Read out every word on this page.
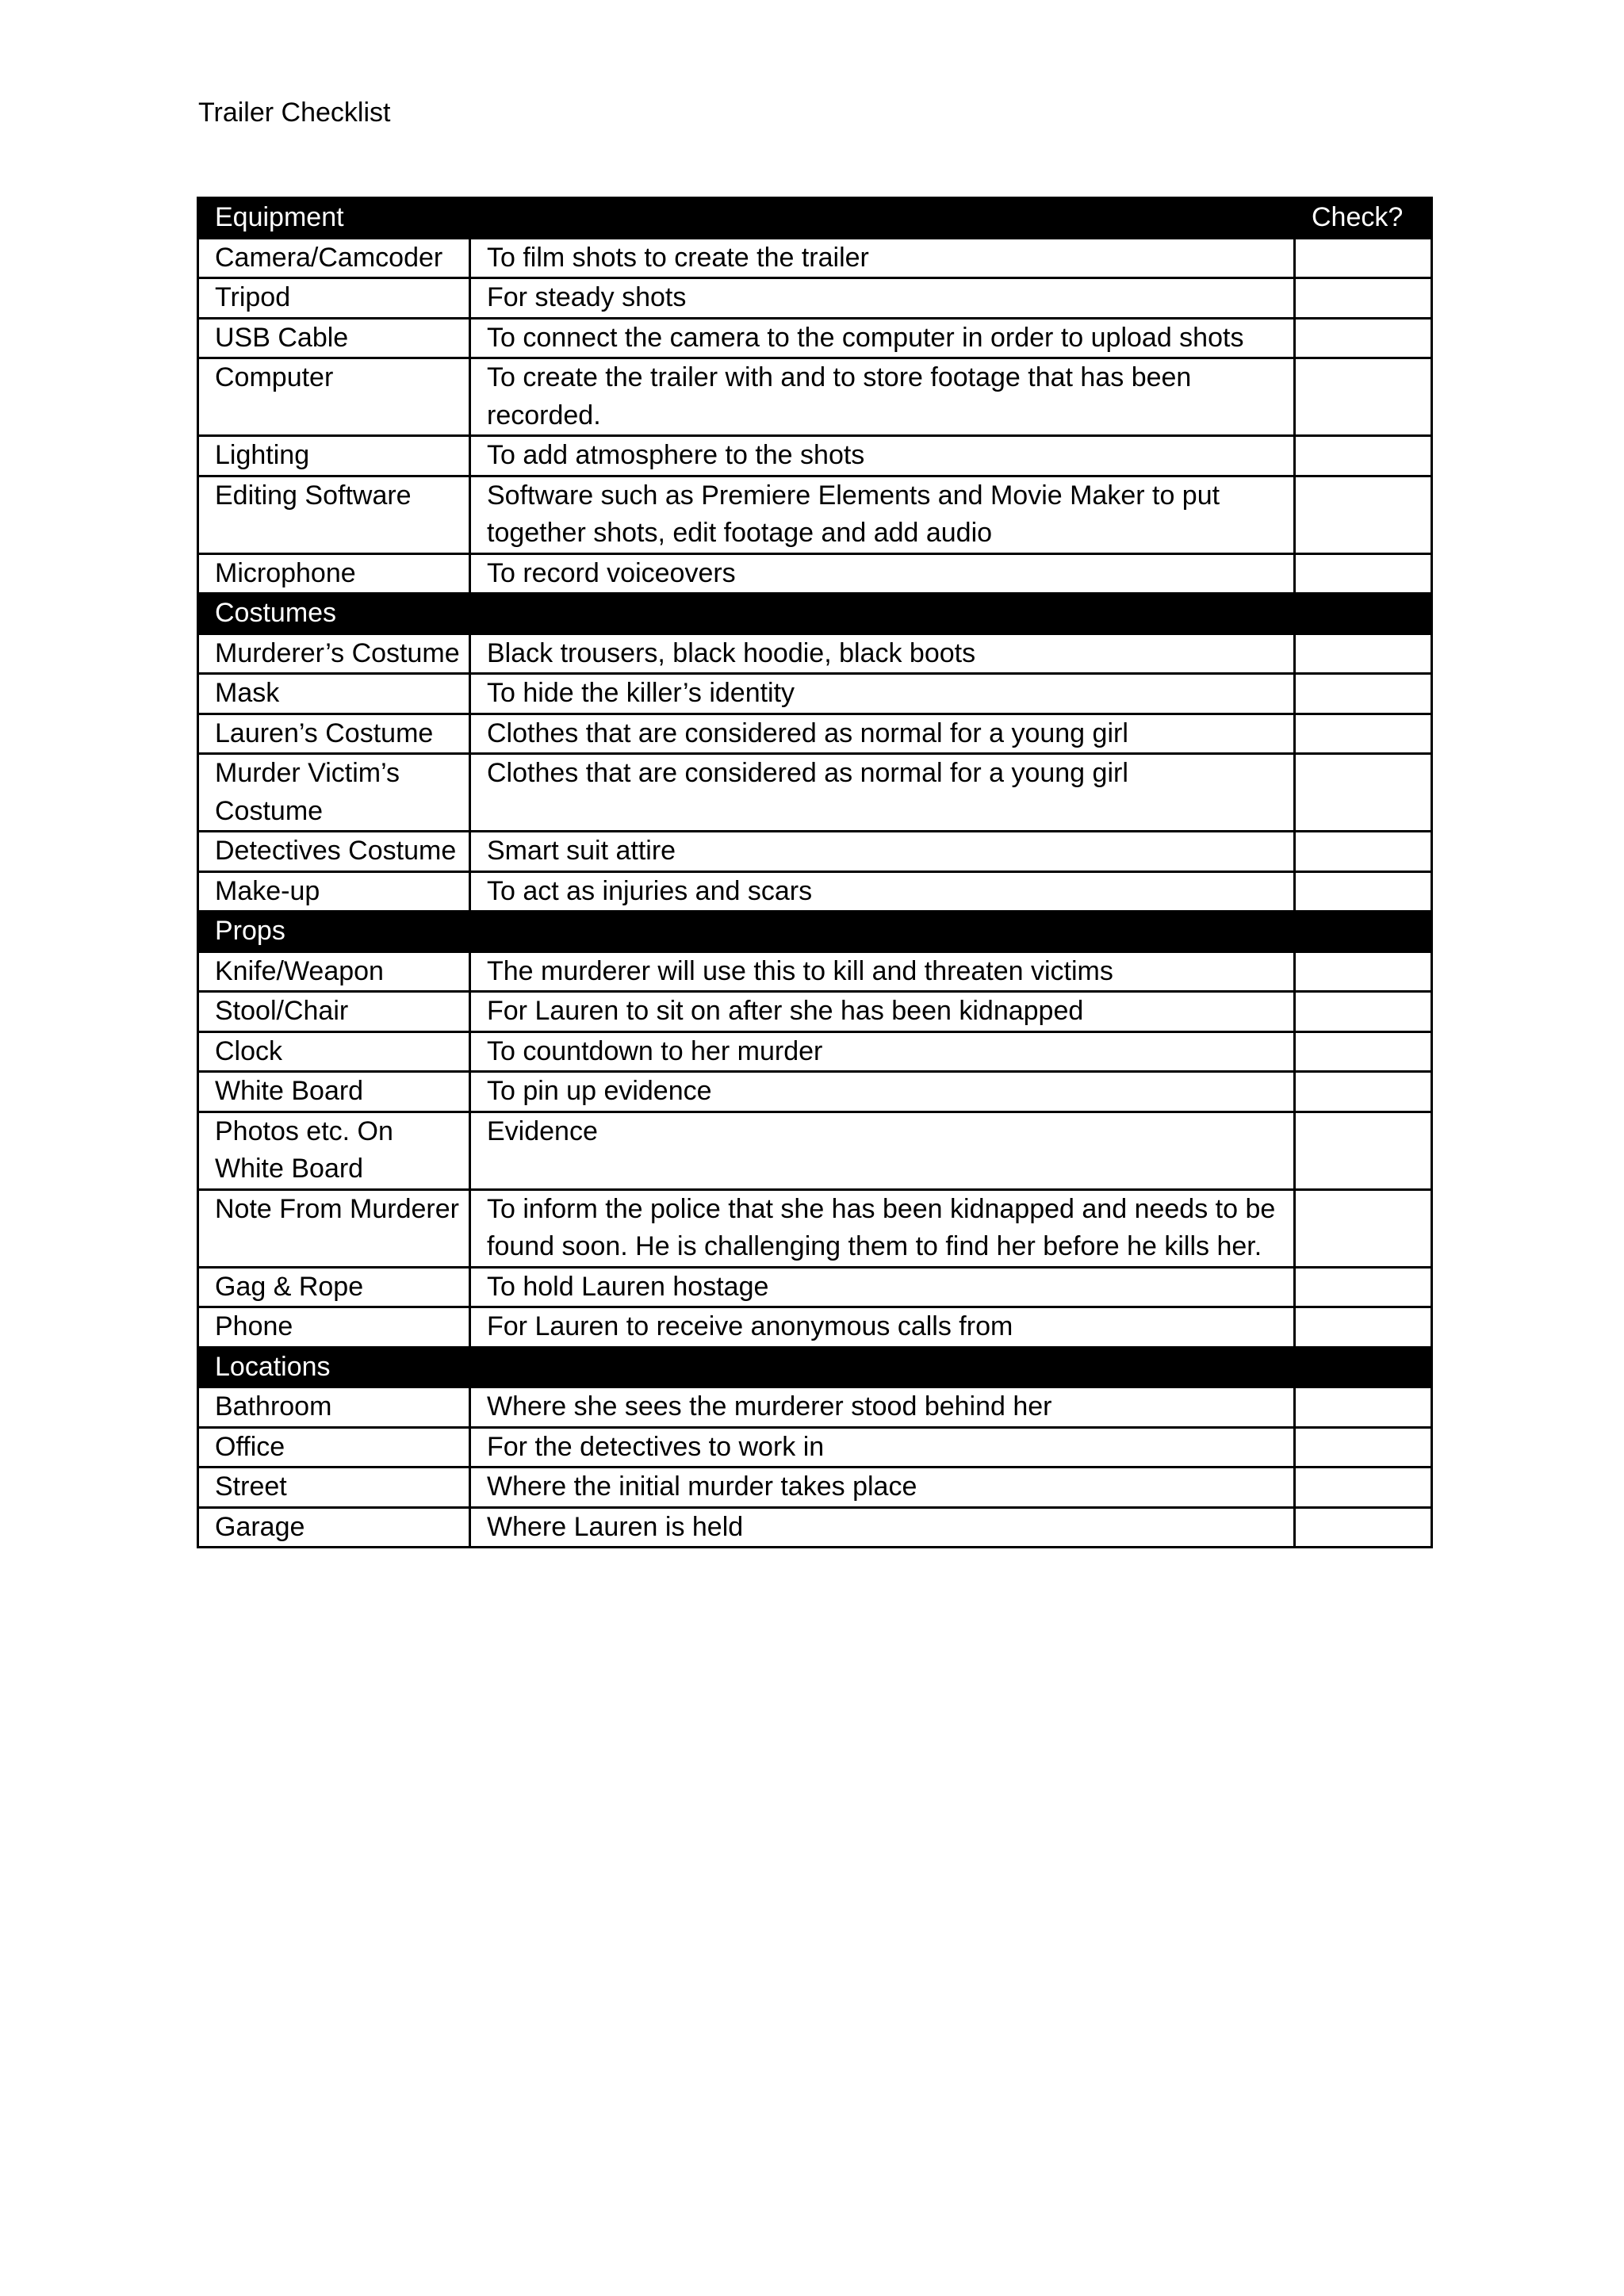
Trailer Checklist
Equipment		Check?
Camera/Camcoder	To film shots to create the trailer	
Tripod	For steady shots	
USB Cable	To connect the camera to the computer in order to upload shots	
Computer	To create the trailer with and to store footage that has been recorded.	
Lighting	To add atmosphere to the shots	
Editing Software	Software such as Premiere Elements and Movie Maker to put together shots, edit footage and add audio	
Microphone	To record voiceovers	
Costumes		
Murderer’s Costume	Black trousers, black hoodie, black boots	
Mask	To hide the killer’s identity	
Lauren’s Costume	Clothes that are considered as normal for a young girl	
Murder Victim’s Costume	Clothes that are considered as normal for a young girl	
Detectives Costume	Smart suit attire	
Make-up	To act as injuries and scars	
Props		
Knife/Weapon	The murderer will use this to kill and threaten victims	
Stool/Chair	For Lauren to sit on after she has been kidnapped	
Clock	To countdown to her murder	
White Board	To pin up evidence	
Photos etc. On White Board	Evidence	
Note From Murderer	To inform the police that she has been kidnapped and needs to be found soon. He is challenging them to find her before he kills her.	
Gag & Rope	To hold Lauren hostage	
Phone	For Lauren to receive anonymous calls from	
Locations		
Bathroom	Where she sees the murderer stood behind her	
Office	For the detectives to work in	
Street	Where the initial murder takes place	
Garage	Where Lauren is held	
